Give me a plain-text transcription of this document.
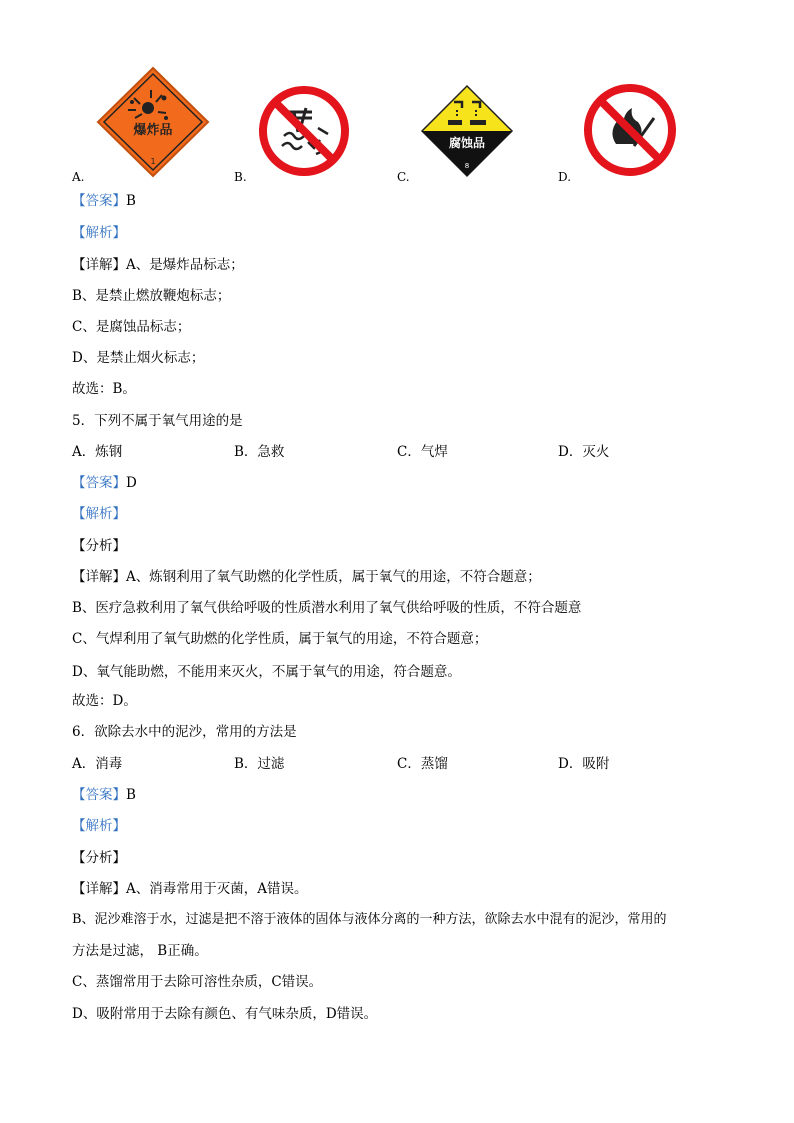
爆炸品
1
A.	B.
腐蚀品
8
C.	D.
【答案】B
【解析】
【详解】A、是爆炸品标志；
B、是禁止燃放鞭炮标志；
C、是腐蚀品标志；
D、是禁止烟火标志；
故选：B。
5．下列不属于氧气用途的是
A．炼钢	B．急救	C．气焊	D．灭火
【答案】D
【解析】
【分析】
【详解】A、炼钢利用了氧气助燃的化学性质，属于氧气的用途，不符合题意；
B、医疗急救利用了氧气供给呼吸的性质潜水利用了氧气供给呼吸的性质，不符合题意
C、气焊利用了氧气助燃的化学性质，属于氧气的用途，不符合题意；
D、氧气能助燃，不能用来灭火，不属于氧气的用途，符合题意。
故选：D。
6．欲除去水中的泥沙，常用的方法是
A．消毒	B．过滤	C．蒸馏	D．吸附
【答案】B
【解析】
【分析】
【详解】A、消毒常用于灭菌，A错误。
B、泥沙难溶于水，过滤是把不溶于液体的固体与液体分离的一种方法，欲除去水中混有的泥沙，常用的
方法是过滤， B正确。
C、蒸馏常用于去除可溶性杂质，C错误。
D、吸附常用于去除有颜色、有气味杂质，D错误。
